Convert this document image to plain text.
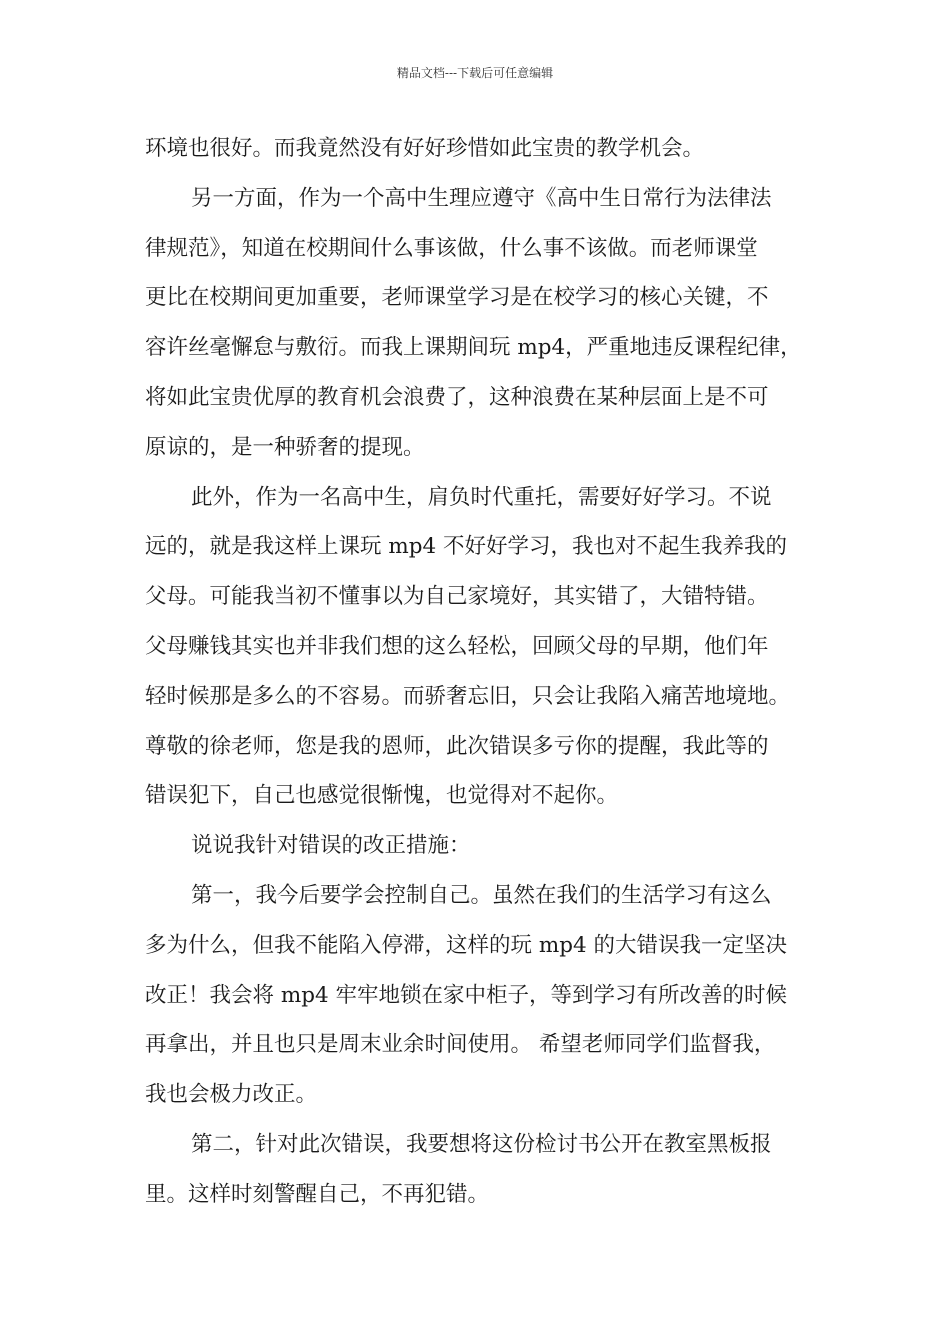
精品文档---下载后可任意编辑
环境也很好。而我竟然没有好好珍惜如此宝贵的教学机会。
另一方面，作为一个高中生理应遵守《高中生日常行为法律法
律规范》，知道在校期间什么事该做，什么事不该做。而老师课堂
更比在校期间更加重要，老师课堂学习是在校学习的核心关键，不
容许丝毫懈怠与敷衍。而我上课期间玩 mp4，严重地违反课程纪律，
将如此宝贵优厚的教育机会浪费了，这种浪费在某种层面上是不可
原谅的，是一种骄奢的提现。
此外，作为一名高中生，肩负时代重托，需要好好学习。不说
远的，就是我这样上课玩 mp4 不好好学习，我也对不起生我养我的
父母。可能我当初不懂事以为自己家境好，其实错了，大错特错。
父母赚钱其实也并非我们想的这么轻松，回顾父母的早期，他们年
轻时候那是多么的不容易。而骄奢忘旧，只会让我陷入痛苦地境地。
尊敬的徐老师，您是我的恩师，此次错误多亏你的提醒，我此等的
错误犯下，自己也感觉很惭愧，也觉得对不起你。
说说我针对错误的改正措施：
第一，我今后要学会控制自己。虽然在我们的生活学习有这么
多为什么，但我不能陷入停滞，这样的玩 mp4 的大错误我一定坚决
改正！我会将 mp4 牢牢地锁在家中柜子，等到学习有所改善的时候
再拿出，并且也只是周末业余时间使用。 希望老师同学们监督我，
我也会极力改正。
第二，针对此次错误，我要想将这份检讨书公开在教室黑板报
里。这样时刻警醒自己，不再犯错。
